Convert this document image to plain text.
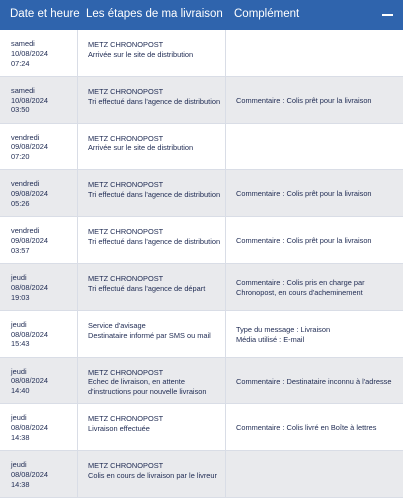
Date et heure Les étapes de ma livraison Complément
samedi
10/08/2024
07:24
METZ CHRONOPOST
Arrivée sur le site de distribution
samedi
10/08/2024
03:50
METZ CHRONOPOST
Tri effectué dans l'agence de distribution Commentaire : Colis prêt pour la livraison
vendredi
09/08/2024
07:20
METZ CHRONOPOST
Arrivée sur le site de distribution
vendredi
09/08/2024
05:26
METZ CHRONOPOST
Tri effectué dans l'agence de distribution Commentaire : Colis prêt pour la livraison
vendredi
09/08/2024
03:57
METZ CHRONOPOST
Tri effectué dans l'agence de distribution Commentaire : Colis prêt pour la livraison
jeudi
08/08/2024
19:03
METZ CHRONOPOST
Tri effectué dans l'agence de départ
Commentaire : Colis pris en charge par Chronopost, en cours d'acheminement
jeudi
08/08/2024
15:43
Service d'avisage
Destinataire informé par SMS ou mail
Type du message : Livraison
Média utilisé : E-mail
jeudi
08/08/2024
14:40
METZ CHRONOPOST
Echec de livraison, en attente d'instructions pour nouvelle livraison
Commentaire : Destinataire inconnu à l'adresse
jeudi
08/08/2024
14:38
METZ CHRONOPOST
Livraison effectuée	Commentaire : Colis livré en Boîte à lettres
jeudi
08/08/2024
14:38
METZ CHRONOPOST
Colis en cours de livraison par le livreur
